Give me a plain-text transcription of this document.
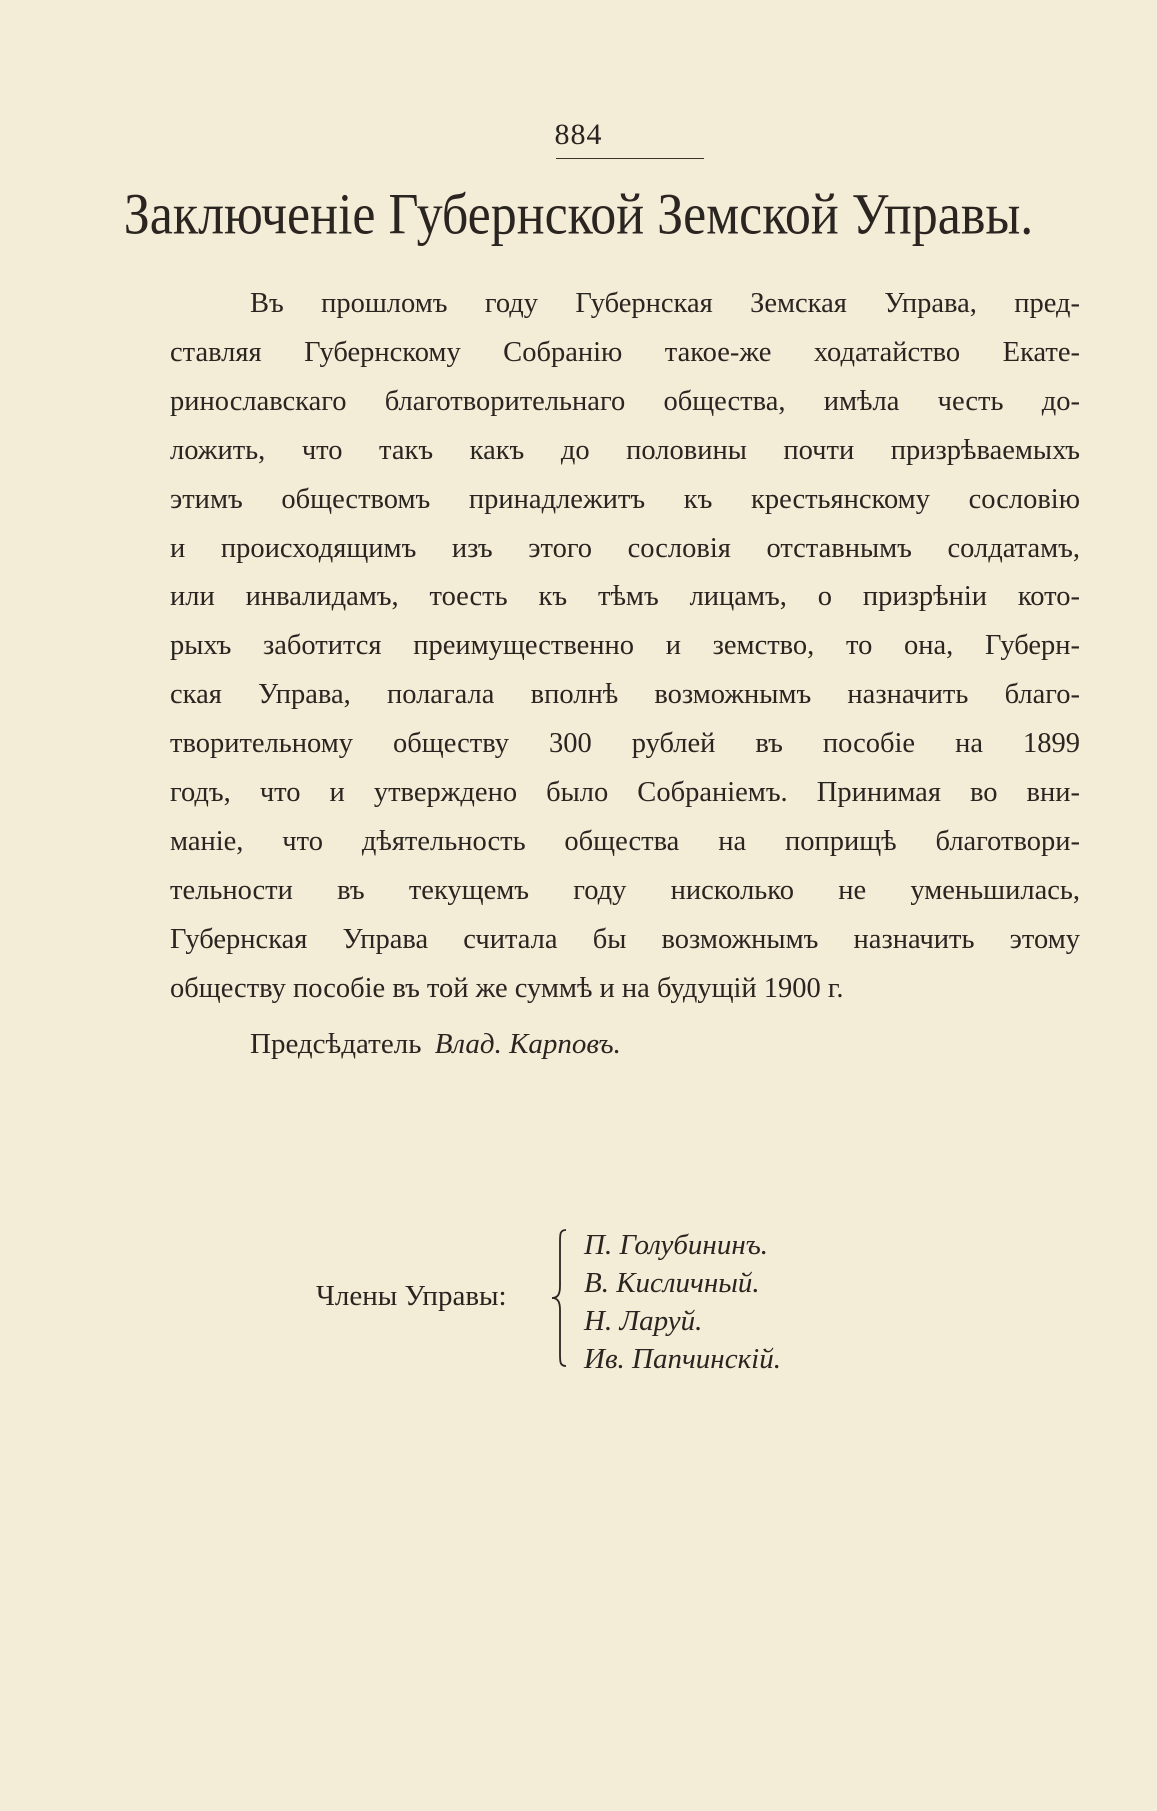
884
Заключеніе Губернской Земской Управы.
Въ прошломъ году Губернская Земская Управа, пред-
ставляя Губернскому Собранію такое-же ходатайство Екате-
ринославскаго благотворительнаго общества, имѣла честь до-
ложить, что такъ какъ до половины почти призрѣваемыхъ
этимъ обществомъ принадлежитъ къ крестьянскому сословію
и происходящимъ изъ этого сословія отставнымъ солдатамъ,
или инвалидамъ, тоесть къ тѣмъ лицамъ, о призрѣніи кото-
рыхъ заботится преимущественно и земство, то она, Губерн-
ская Управа, полагала вполнѣ возможнымъ назначить благо-
творительному обществу 300 рублей въ пособіе на 1899
годъ, что и утверждено было Собраніемъ. Принимая во вни-
маніе, что дѣятельность общества на поприщѣ благотвори-
тельности въ текущемъ году нисколько не уменьшилась,
Губернская Управа считала бы возможнымъ назначить этому
обществу пособіе въ той же суммѣ и на будущій 1900 г.
Предсѣдатель Влад. Карповъ.
Члены Управы:
П. Голубининъ.
В. Кисличный.
Н. Ларуй.
Ив. Папчинскій.
